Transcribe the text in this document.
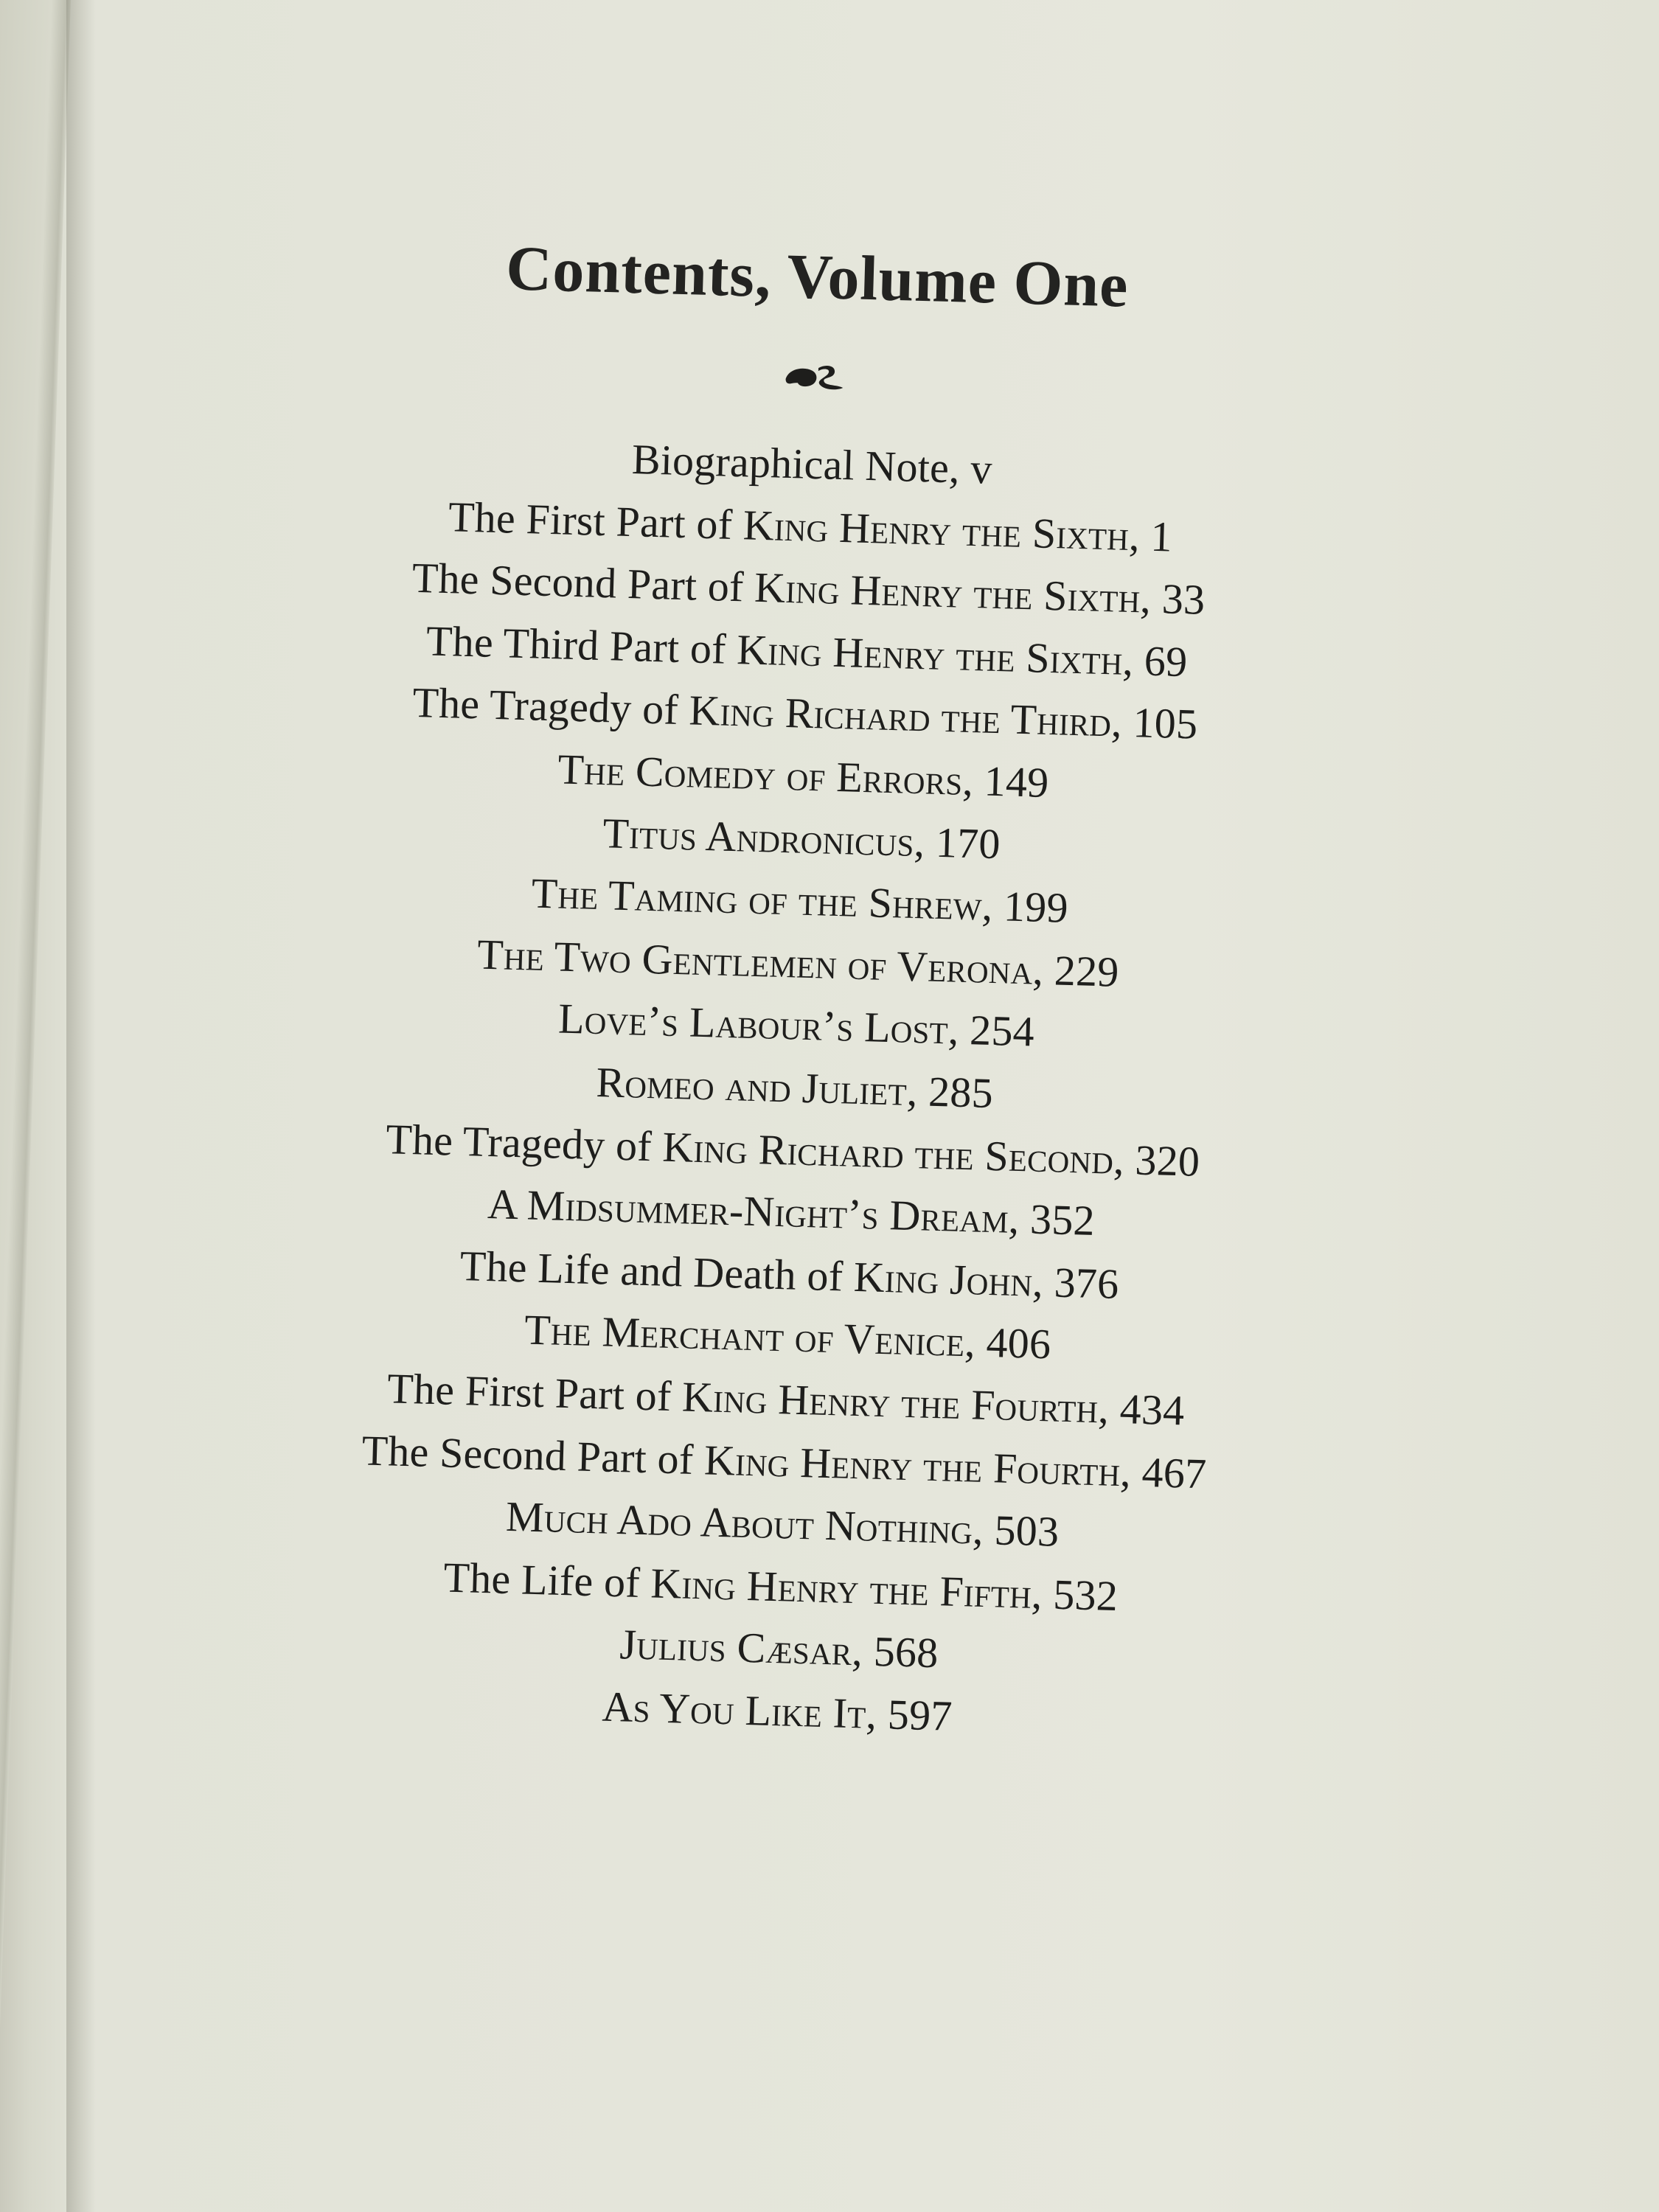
Contents, Volume One
Biographical Note, v
The First Part of King Henry the Sixth, 1
The Second Part of King Henry the Sixth, 33
The Third Part of King Henry the Sixth, 69
The Tragedy of King Richard the Third, 105
The Comedy of Errors, 149
Titus Andronicus, 170
The Taming of the Shrew, 199
The Two Gentlemen of Verona, 229
Love’s Labour’s Lost, 254
Romeo and Juliet, 285
The Tragedy of King Richard the Second, 320
A Midsummer-Night’s Dream, 352
The Life and Death of King John, 376
The Merchant of Venice, 406
The First Part of King Henry the Fourth, 434
The Second Part of King Henry the Fourth, 467
Much Ado About Nothing, 503
The Life of King Henry the Fifth, 532
Julius Cæsar, 568
As You Like It, 597
